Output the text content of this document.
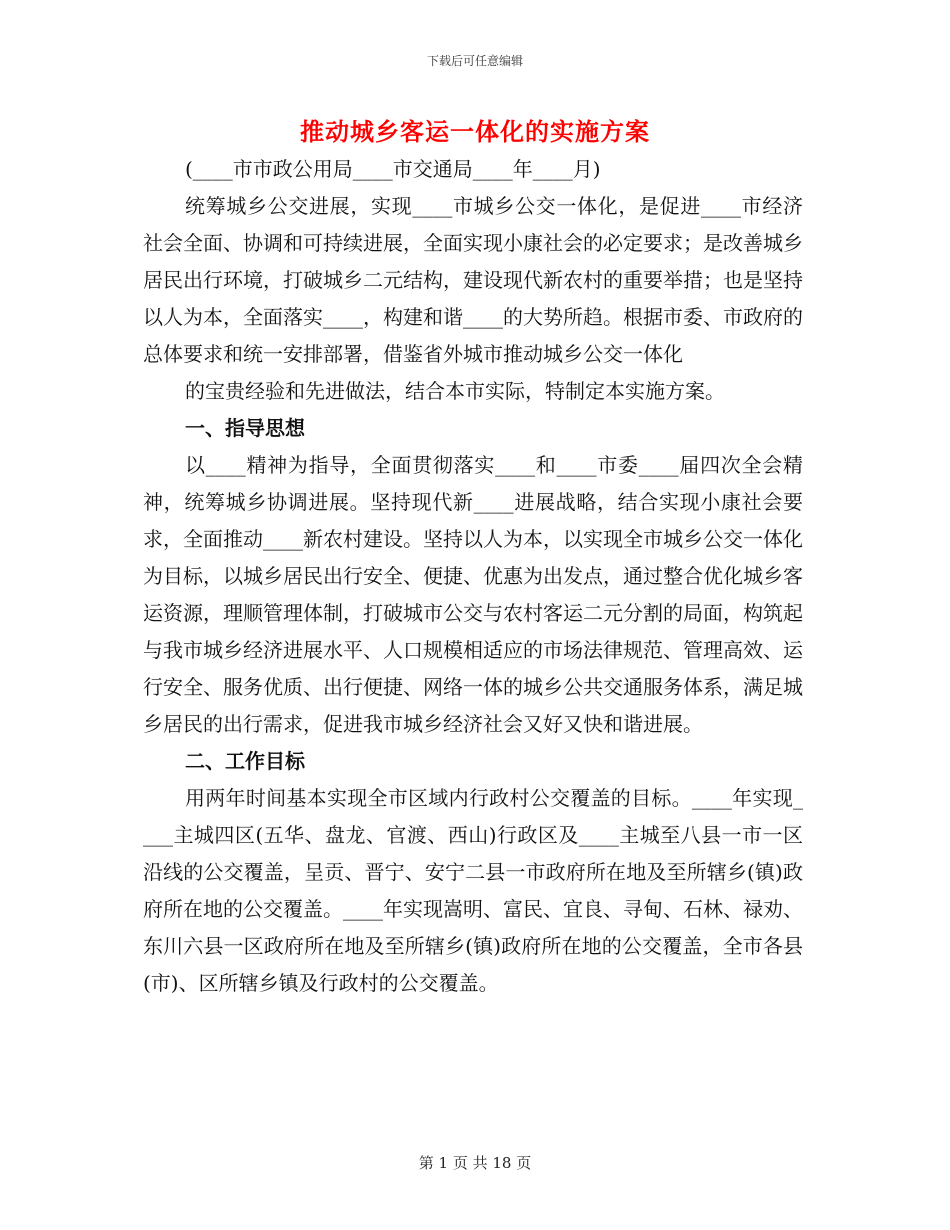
下载后可任意编辑
推动城乡客运一体化的实施方案

(____市市政公用局____市交通局____年____月)

统筹城乡公交进展，实现____市城乡公交一体化，是促进____市经济社会全面、协调和可持续进展，全面实现小康社会的必定要求；是改善城乡居民出行环境，打破城乡二元结构，建设现代新农村的重要举措；也是坚持以人为本，全面落实____，构建和谐____的大势所趋。根据市委、市政府的总体要求和统一安排部署，借鉴省外城市推动城乡公交一体化

的宝贵经验和先进做法，结合本市实际，特制定本实施方案。

一、指导思想

以____精神为指导，全面贯彻落实____和____市委____届四次全会精神，统筹城乡协调进展。坚持现代新____进展战略，结合实现小康社会要求，全面推动____新农村建设。坚持以人为本，以实现全市城乡公交一体化为目标，以城乡居民出行安全、便捷、优惠为出发点，通过整合优化城乡客运资源，理顺管理体制，打破城市公交与农村客运二元分割的局面，构筑起与我市城乡经济进展水平、人口规模相适应的市场法律规范、管理高效、运行安全、服务优质、出行便捷、网络一体的城乡公共交通服务体系，满足城乡居民的出行需求，促进我市城乡经济社会又好又快和谐进展。

二、工作目标

用两年时间基本实现全市区域内行政村公交覆盖的目标。____年实现____主城四区(五华、盘龙、官渡、西山)行政区及____主城至八县一市一区沿线的公交覆盖，呈贡、晋宁、安宁二县一市政府所在地及至所辖乡(镇)政府所在地的公交覆盖。____年实现嵩明、富民、宜良、寻甸、石林、禄劝、东川六县一区政府所在地及至所辖乡(镇)政府所在地的公交覆盖，全市各县(市)、区所辖乡镇及行政村的公交覆盖。

第 1 页 共 18 页
